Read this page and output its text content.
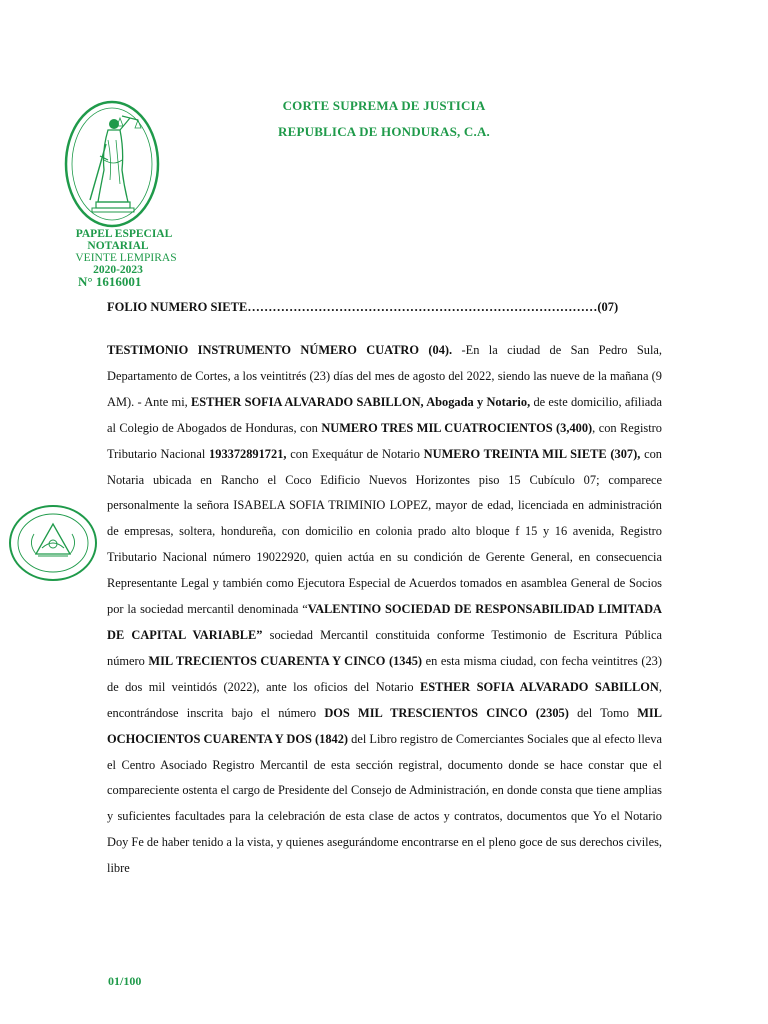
CORTE SUPREMA DE JUSTICIA
REPUBLICA DE HONDURAS, C.A.
PAPEL ESPECIAL
NOTARIAL
VEINTE LEMPIRAS
2020-2023
N° 1616001
FOLIO NUMERO SIETE…………………………………………………………………………(07)

TESTIMONIO INSTRUMENTO NÚMERO CUATRO (04). -En la ciudad de San Pedro Sula, Departamento de Cortes, a los veintitrés (23) días del mes de agosto del 2022, siendo las nueve de la mañana (9 AM). - Ante mi, ESTHER SOFIA ALVARADO SABILLON, Abogada y Notario, de este domicilio, afiliada al Colegio de Abogados de Honduras, con NUMERO TRES MIL CUATROCIENTOS (3,400), con Registro Tributario Nacional 193372891721, con Exequátur de Notario NUMERO TREINTA MIL SIETE (307), con Notaria ubicada en Rancho el Coco Edificio Nuevos Horizontes piso 15 Cubículo 07; comparece personalmente la señora ISABELA SOFIA TRIMINIO LOPEZ, mayor de edad, licenciada en administración de empresas, soltera, hondureña, con domicilio en colonia prado alto bloque f 15 y 16 avenida, Registro Tributario Nacional número 19022920, quien actúa en su condición de Gerente General, en consecuencia Representante Legal y también como Ejecutora Especial de Acuerdos tomados en asamblea General de Socios por la sociedad mercantil denominada “VALENTINO SOCIEDAD DE RESPONSABILIDAD LIMITADA DE CAPITAL VARIABLE” sociedad Mercantil constituida conforme Testimonio de Escritura Pública número MIL TRECIENTOS CUARENTA Y CINCO (1345) en esta misma ciudad, con fecha veintitres (23) de dos mil veintidós (2022), ante los oficios del Notario ESTHER SOFIA ALVARADO SABILLON, encontrándose inscrita bajo el número DOS MIL TRESCIENTOS CINCO (2305) del Tomo MIL OCHOCIENTOS CUARENTA Y DOS (1842) del Libro registro de Comerciantes Sociales que al efecto lleva el Centro Asociado Registro Mercantil de esta sección registral, documento donde se hace constar que el compareciente ostenta el cargo de Presidente del Consejo de Administración, en donde consta que tiene amplias y suficientes facultades para la celebración de esta clase de actos y contratos, documentos que Yo el Notario Doy Fe de haber tenido a la vista, y quienes asegurándome encontrarse en el pleno goce de sus derechos civiles, libre

01/100
